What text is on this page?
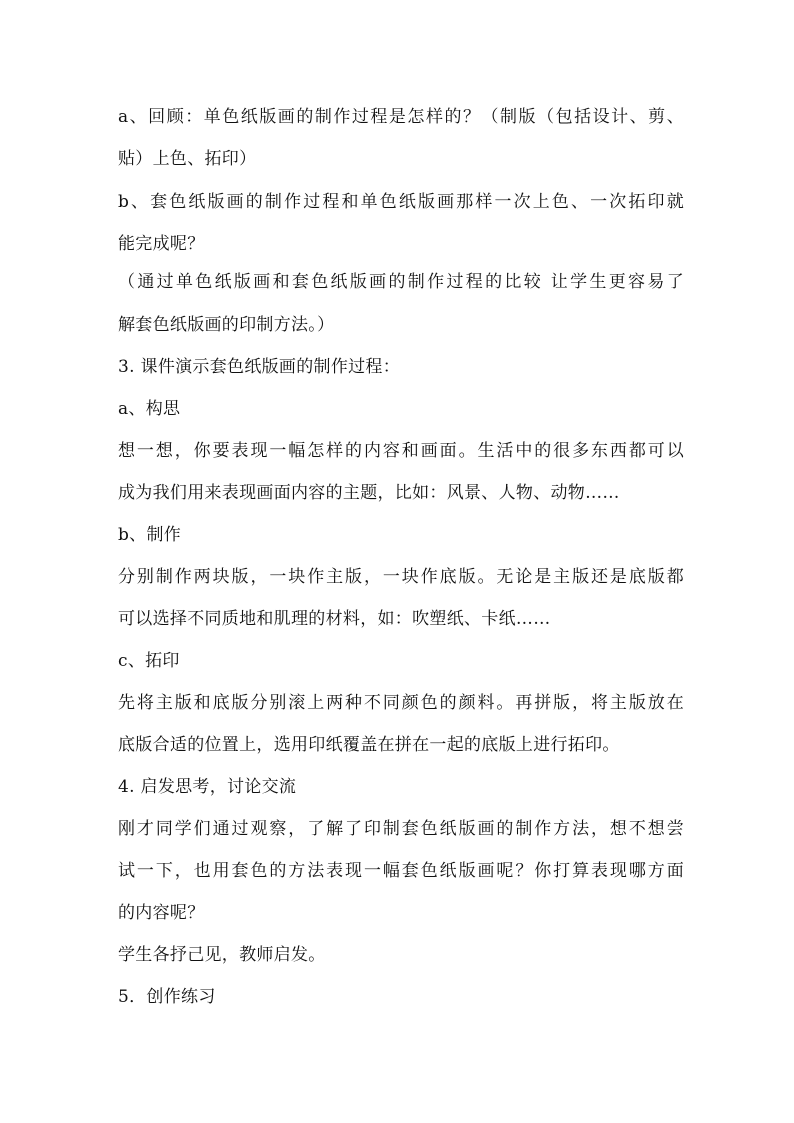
a、回顾：单色纸版画的制作过程是怎样的？（制版（包括设计、剪、
贴）上色、拓印）
b、套色纸版画的制作过程和单色纸版画那样一次上色、一次拓印就
能完成呢？
（通过单色纸版画和套色纸版画的制作过程的比较 让学生更容易了
解套色纸版画的印制方法。）
3. 课件演示套色纸版画的制作过程：
a、构思
想一想，你要表现一幅怎样的内容和画面。生活中的很多东西都可以
成为我们用来表现画面内容的主题，比如：风景、人物、动物……
b、制作
分别制作两块版，一块作主版，一块作底版。无论是主版还是底版都
可以选择不同质地和肌理的材料，如：吹塑纸、卡纸……
c、拓印
先将主版和底版分别滚上两种不同颜色的颜料。再拼版，将主版放在
底版合适的位置上，选用印纸覆盖在拼在一起的底版上进行拓印。
4. 启发思考，讨论交流
刚才同学们通过观察，了解了印制套色纸版画的制作方法，想不想尝
试一下，也用套色的方法表现一幅套色纸版画呢？你打算表现哪方面
的内容呢？
学生各抒己见，教师启发。
5．创作练习
